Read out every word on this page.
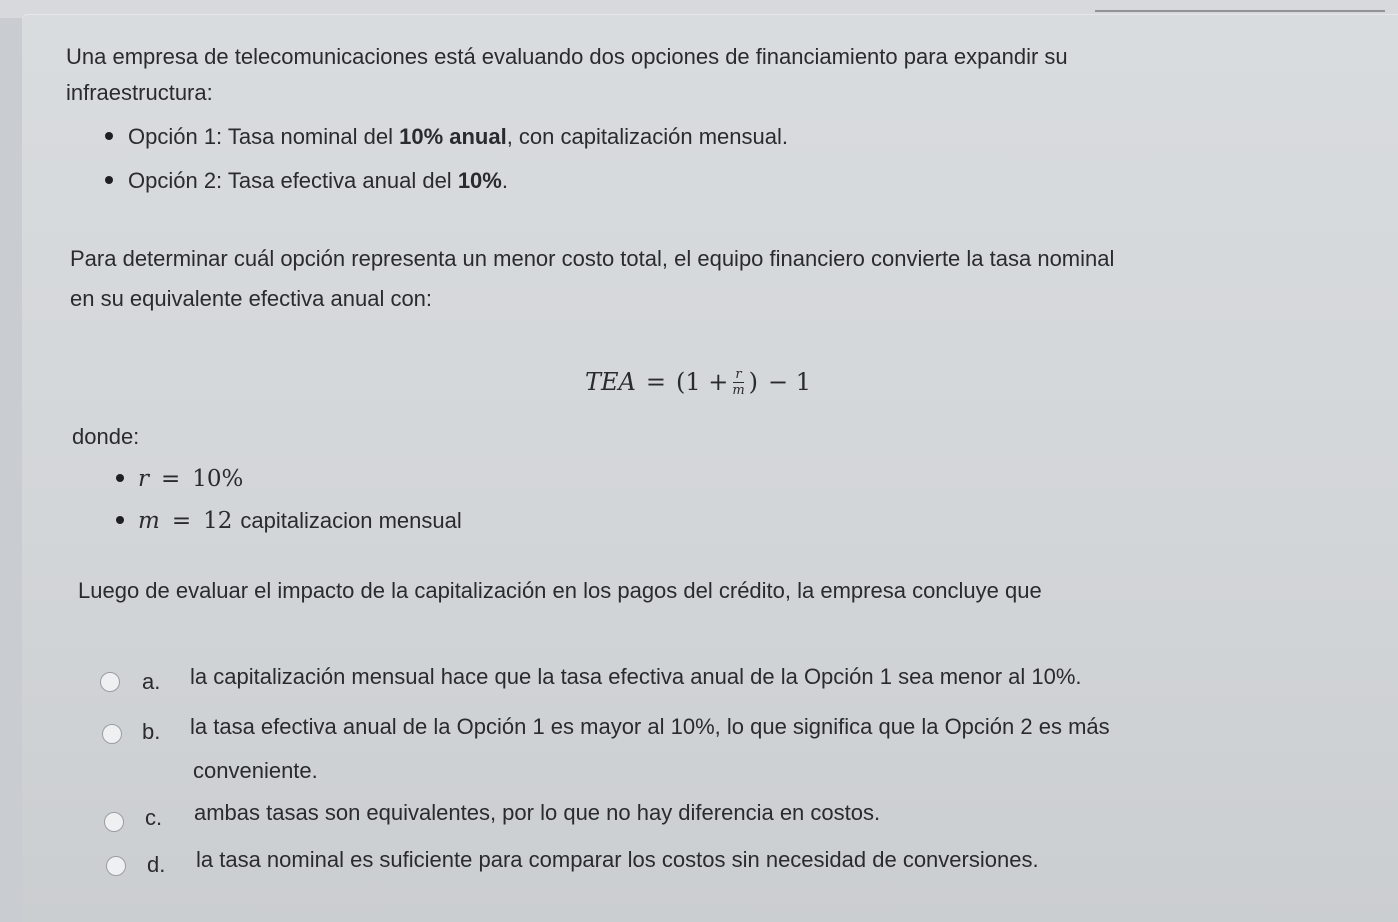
Una empresa de telecomunicaciones está evaluando dos opciones de financiamiento para expandir su

infraestructura:

Opción 1: Tasa nominal del 10% anual, con capitalización mensual.

Opción 2: Tasa efectiva anual del 10%.

Para determinar cuál opción representa un menor costo total, el equipo financiero convierte la tasa nominal

en su equivalente efectiva anual con:

TEA = ($1 + \frac{r}{m}$ ) − 1

donde:

r = 10%

m = 12 capitalizacion mensual

Luego de evaluar el impacto de la capitalización en los pagos del crédito, la empresa concluye que

a. la capitalización mensual hace que la tasa efectiva anual de la Opción 1 sea menor al 10%.
b. la tasa efectiva anual de la Opción 1 es mayor al 10%, lo que significa que la Opción 2 es más
conveniente.
c. ambas tasas son equivalentes, por lo que no hay diferencia en costos.
d. la tasa nominal es suficiente para comparar los costos sin necesidad de conversiones.
